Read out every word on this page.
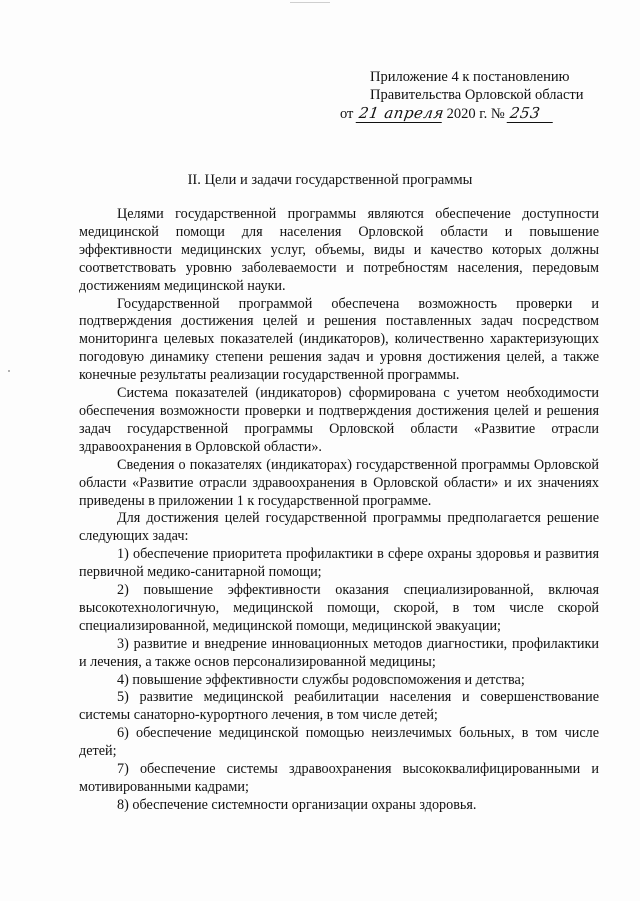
Приложение 4 к постановлению
Правительства Орловской области
от 21 апреля 2020 г. № 253
II. Цели и задачи государственной программы

Целями государственной программы являются обеспечение доступности медицинской помощи для населения Орловской области и повышение эффективности медицинских услуг, объемы, виды и качество которых должны соответствовать уровню заболеваемости и потребностям населения, передовым достижениям медицинской науки.

Государственной программой обеспечена возможность проверки и подтверждения достижения целей и решения поставленных задач посредством мониторинга целевых показателей (индикаторов), количественно характеризующих погодовую динамику степени решения задач и уровня достижения целей, а также конечные результаты реализации государственной программы.

Система показателей (индикаторов) сформирована с учетом необходимости обеспечения возможности проверки и подтверждения достижения целей и решения задач государственной программы Орловской области «Развитие отрасли здравоохранения в Орловской области».

Сведения о показателях (индикаторах) государственной программы Орловской области «Развитие отрасли здравоохранения в Орловской области» и их значениях приведены в приложении 1 к государственной программе.

Для достижения целей государственной программы предполагается решение следующих задач:

1) обеспечение приоритета профилактики в сфере охраны здоровья и развития первичной медико-санитарной помощи;

2) повышение эффективности оказания специализированной, включая высокотехнологичную, медицинской помощи, скорой, в том числе скорой специализированной, медицинской помощи, медицинской эвакуации;

3) развитие и внедрение инновационных методов диагностики, профилактики и лечения, а также основ персонализированной медицины;

4) повышение эффективности службы родовспоможения и детства;

5) развитие медицинской реабилитации населения и совершенствование системы санаторно-курортного лечения, в том числе детей;

6) обеспечение медицинской помощью неизлечимых больных, в том числе детей;

7) обеспечение системы здравоохранения высококвалифицированными и мотивированными кадрами;

8) обеспечение системности организации охраны здоровья.
